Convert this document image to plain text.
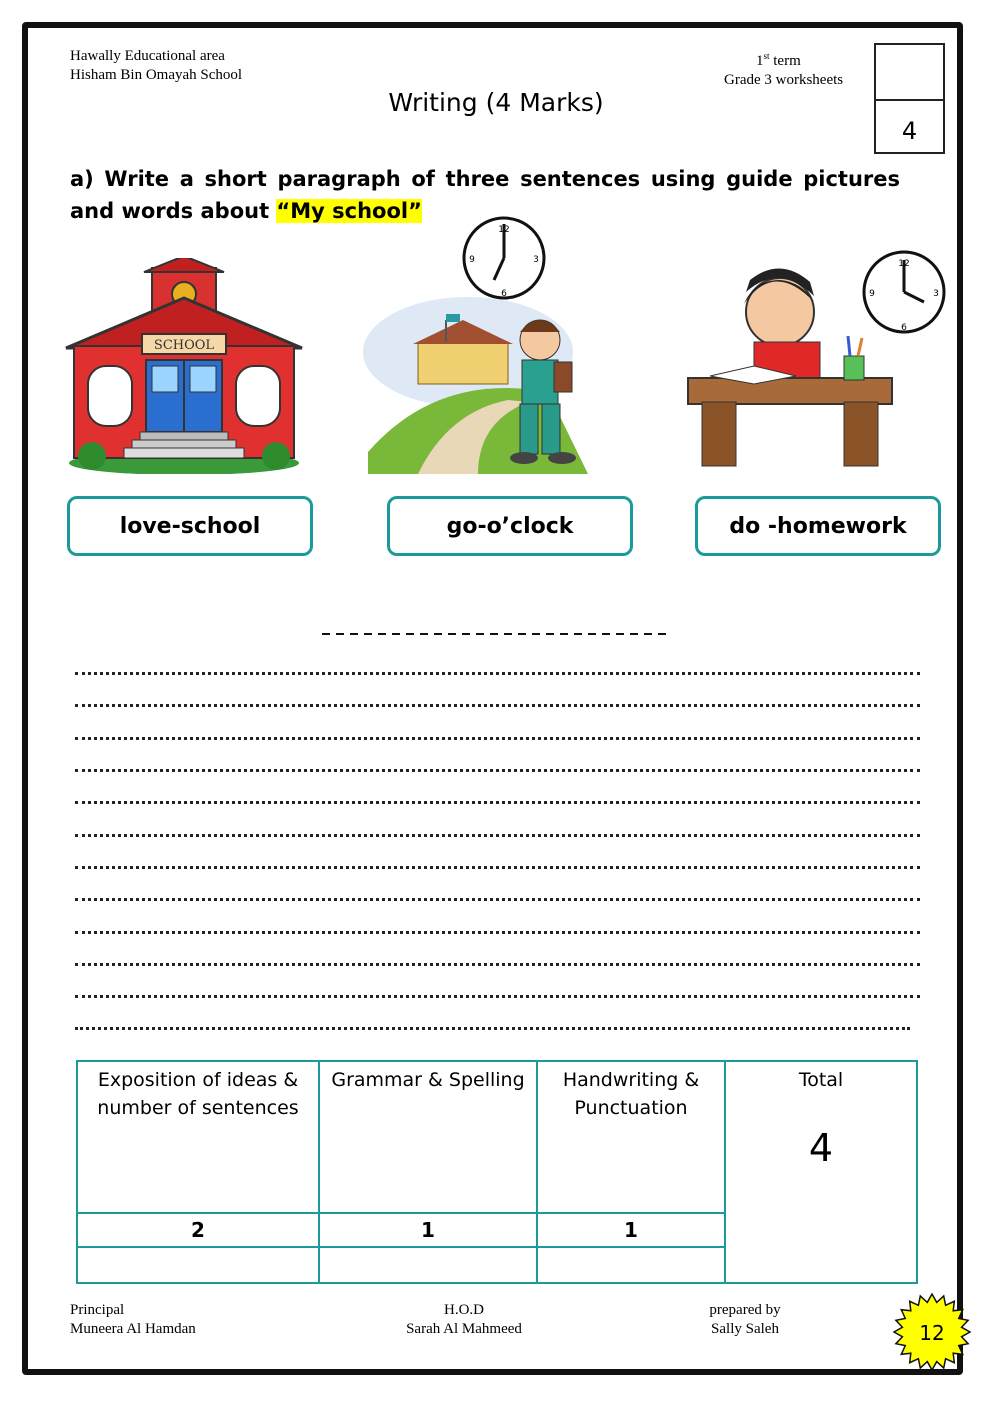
Hawally Educational area
Hisham Bin Omayah School
1st term
Grade 3 worksheets
4
Writing (4 Marks)
a) Write a short paragraph of three sentences using guide pictures and words about “My school”
SCHOOL
12
3
6
9	12
3
6
9
love-school	go-o’clock	do -homework
Exposition of ideas & number of sentences	Grammar & Spelling	Handwriting & Punctuation	Total
4

2	1	1	

Principal
Muneera Al Hamdan
H.O.D
Sarah Al Mahmeed
prepared by
Sally Saleh	12
